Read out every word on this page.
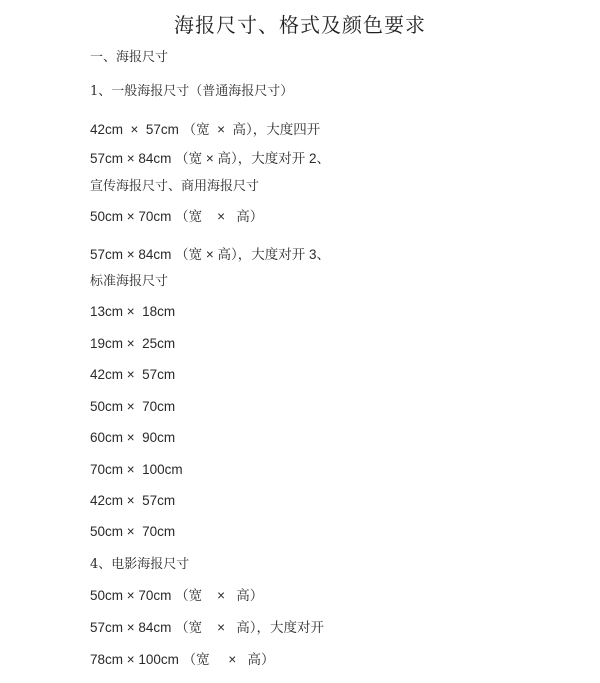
海报尺寸、格式及颜色要求
一、海报尺寸
1、一般海报尺寸（普通海报尺寸）
42cm  ×  57cm （宽  ×  高），大度四开
57cm × 84cm （宽 × 高），大度对开 2、
宣传海报尺寸、商用海报尺寸
50cm × 70cm （宽    ×   高）
57cm × 84cm （宽 × 高），大度对开 3、
标准海报尺寸
13cm ×  18cm
19cm ×  25cm
42cm ×  57cm
50cm ×  70cm
60cm ×  90cm
70cm ×  100cm
42cm ×  57cm
50cm ×  70cm
4、电影海报尺寸
50cm × 70cm （宽    ×   高）
57cm × 84cm （宽    ×   高），大度对开
78cm × 100cm （宽     ×   高）
